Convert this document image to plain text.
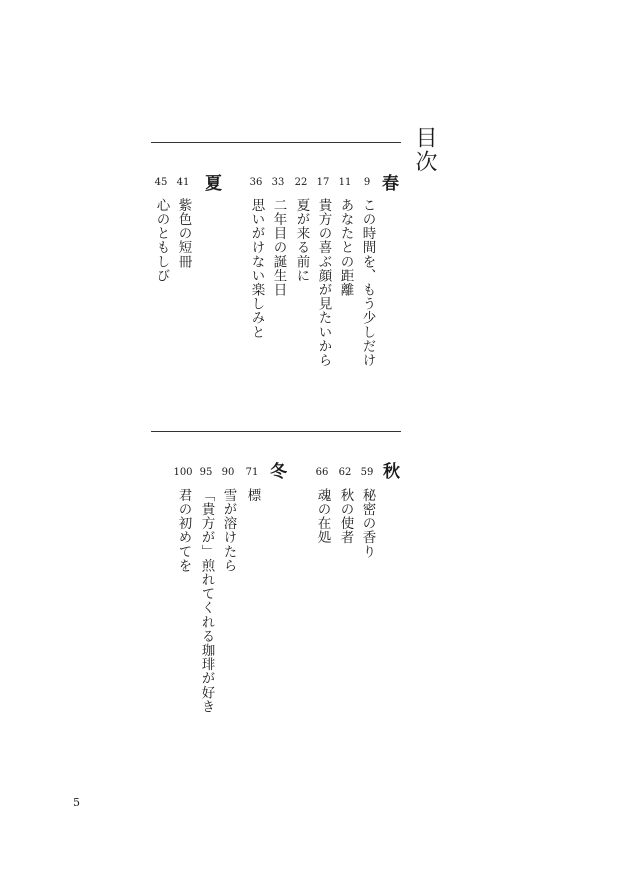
目次
春
9
この時間を、もう少しだけ
11
あなたとの距離
17
貴方の喜ぶ顔が見たいから
22
夏が来る前に
33
二年目の誕生日
36
思いがけない楽しみと
夏
41
紫色の短冊
45
心のともしび
秋
59
秘密の香り
62
秋の使者
66
魂の在処
冬
71
標
90
雪が溶けたら
95
「貴方が」煎れてくれる珈琲が好き
100
君の初めてを
5
